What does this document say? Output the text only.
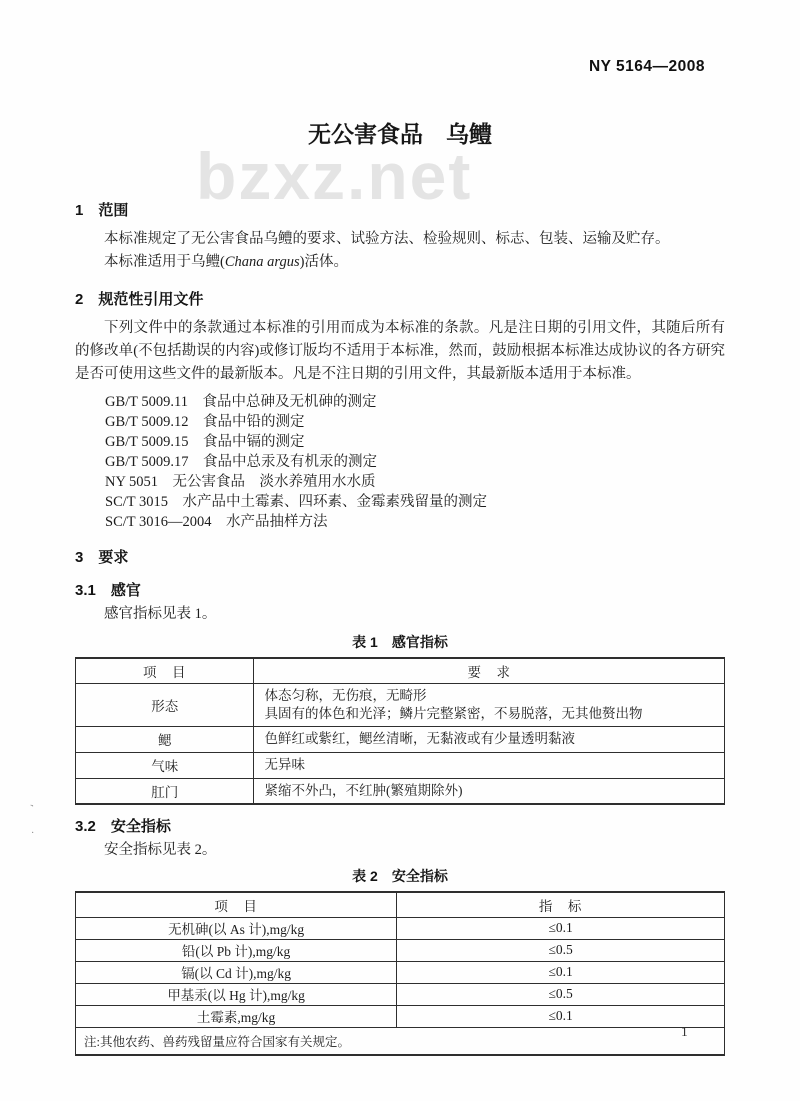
bzxz.net
、
·
NY 5164—2008
无公害食品　乌鳢
1　范围

本标准规定了无公害食品乌鳢的要求、试验方法、检验规则、标志、包装、运输及贮存。

本标准适用于乌鳢(Chana argus)活体。

2　规范性引用文件

下列文件中的条款通过本标准的引用而成为本标准的条款。凡是注日期的引用文件，其随后所有的修改单(不包括勘误的内容)或修订版均不适用于本标准，然而，鼓励根据本标准达成协议的各方研究是否可使用这些文件的最新版本。凡是不注日期的引用文件，其最新版本适用于本标准。

GB/T 5009.11　食品中总砷及无机砷的测定
GB/T 5009.12　食品中铅的测定
GB/T 5009.15　食品中镉的测定
GB/T 5009.17　食品中总汞及有机汞的测定
NY 5051　无公害食品　淡水养殖用水水质
SC/T 3015　水产品中土霉素、四环素、金霉素残留量的测定
SC/T 3016—2004　水产品抽样方法
3　要求
3.1　感官

感官指标见表 1。

表 1　感官指标
项　目	要　求
形态	体态匀称，无伤痕，无畸形
具固有的体色和光泽；鳞片完整紧密，不易脱落，无其他赘出物

鳃	色鲜红或紫红，鳃丝清晰，无黏液或有少量透明黏液
气味	无异味
肛门	紧缩不外凸，不红肿(繁殖期除外)
3.2　安全指标

安全指标见表 2。

表 2　安全指标
项　目	指　标
无机砷(以 As 计),mg/kg	≤0.1
铅(以 Pb 计),mg/kg	≤0.5
镉(以 Cd 计),mg/kg	≤0.1
甲基汞(以 Hg 计),mg/kg	≤0.5
土霉素,mg/kg	≤0.1
注:其他农药、兽药残留量应符合国家有关规定。	
1
